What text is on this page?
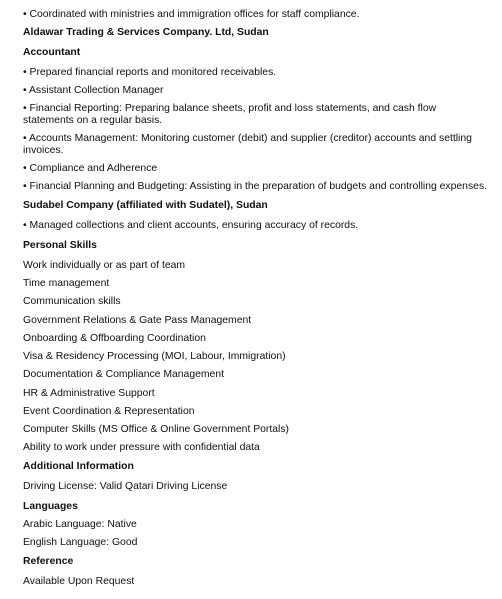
• Coordinated with ministries and immigration offices for staff compliance.
Aldawar Trading & Services Company. Ltd, Sudan
Accountant
• Prepared financial reports and monitored receivables.
• Assistant Collection Manager
• Financial Reporting: Preparing balance sheets, profit and loss statements, and cash flow statements on a regular basis.
• Accounts Management: Monitoring customer (debit) and supplier (creditor) accounts and settling invoices.
• Compliance and Adherence
• Financial Planning and Budgeting: Assisting in the preparation of budgets and controlling expenses.
Sudabel Company (affiliated with Sudatel), Sudan
• Managed collections and client accounts, ensuring accuracy of records.
Personal Skills
Work individually or as part of team
Time management
Communication skills
Government Relations & Gate Pass Management
Onboarding & Offboarding Coordination
Visa & Residency Processing (MOI, Labour, Immigration)
Documentation & Compliance Management
HR & Administrative Support
Event Coordination & Representation
Computer Skills (MS Office & Online Government Portals)
Ability to work under pressure with confidential data
Additional Information
Driving License: Valid Qatari Driving License
Languages
Arabic Language: Native
English Language: Good
Reference
Available Upon Request
